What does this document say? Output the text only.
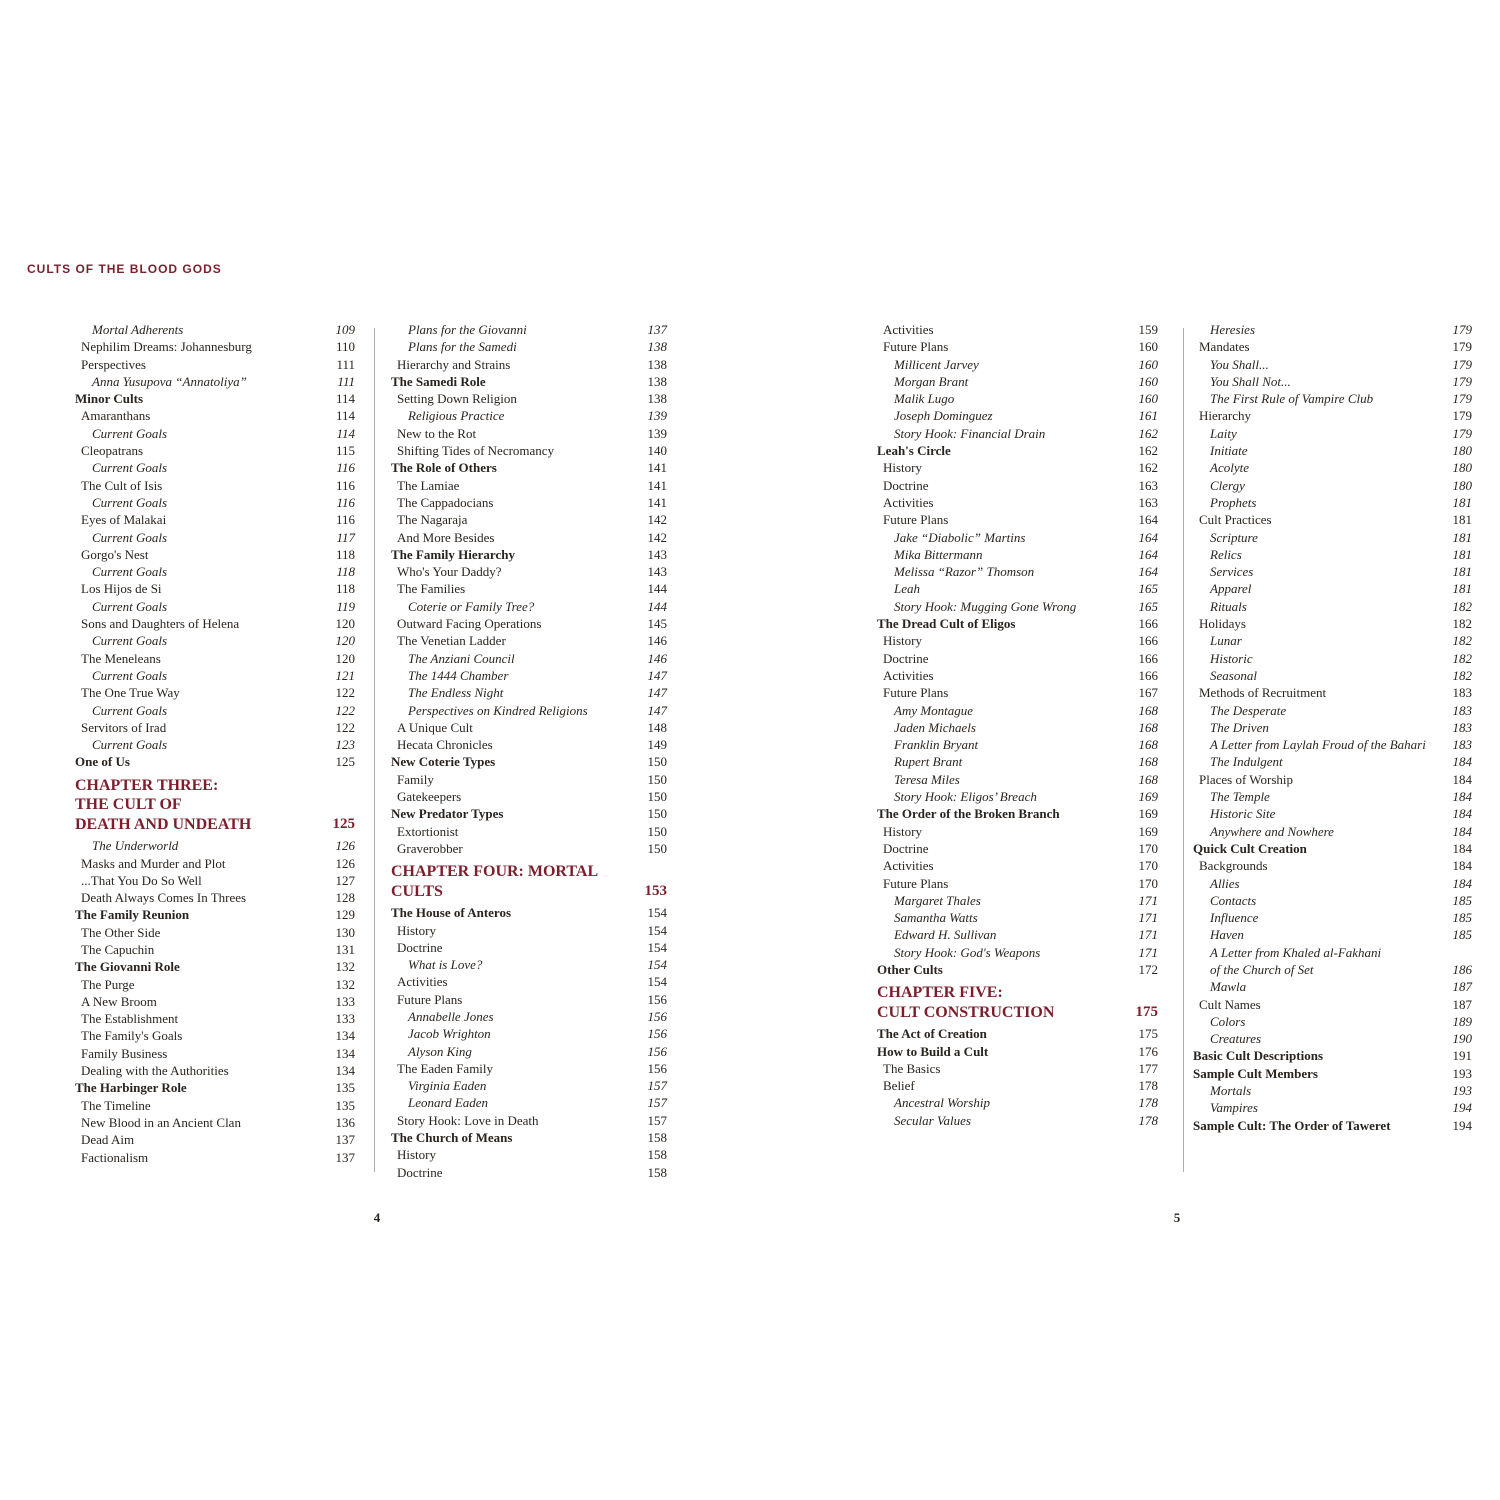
CULTS OF THE BLOOD GODS
Mortal Adherents	109
Nephilim Dreams: Johannesburg	110
Perspectives	111
Anna Yusupova “Annatoliya”	111
Minor Cults	114
Amaranthans	114
Current Goals	114
Cleopatrans	115
Current Goals	116
The Cult of Isis	116
Current Goals	116
Eyes of Malakai	116
Current Goals	117
Gorgo's Nest	118
Current Goals	118
Los Hijos de Si	118
Current Goals	119
Sons and Daughters of Helena	120
Current Goals	120
The Meneleans	120
Current Goals	121
The One True Way	122
Current Goals	122
Servitors of Irad	122
Current Goals	123
One of Us	125
CHAPTER THREE:
THE CULT OF
DEATH AND UNDEATH	125
The Underworld	126
Masks and Murder and Plot	126
...That You Do So Well	127
Death Always Comes In Threes	128
The Family Reunion	129
The Other Side	130
The Capuchin	131
The Giovanni Role	132
The Purge	132
A New Broom	133
The Establishment	133
The Family's Goals	134
Family Business	134
Dealing with the Authorities	134
The Harbinger Role	135
The Timeline	135
New Blood in an Ancient Clan	136
Dead Aim	137
Factionalism	137
Plans for the Giovanni	137
Plans for the Samedi	138
Hierarchy and Strains	138
The Samedi Role	138
Setting Down Religion	138
Religious Practice	139
New to the Rot	139
Shifting Tides of Necromancy	140
The Role of Others	141
The Lamiae	141
The Cappadocians	141
The Nagaraja	142
And More Besides	142
The Family Hierarchy	143
Who's Your Daddy?	143
The Families	144
Coterie or Family Tree?	144
Outward Facing Operations	145
The Venetian Ladder	146
The Anziani Council	146
The 1444 Chamber	147
The Endless Night	147
Perspectives on Kindred Religions	147
A Unique Cult	148
Hecata Chronicles	149
New Coterie Types	150
Family	150
Gatekeepers	150
New Predator Types	150
Extortionist	150
Graverobber	150
CHAPTER FOUR: MORTAL CULTS	153
The House of Anteros	154
History	154
Doctrine	154
What is Love?	154
Activities	154
Future Plans	156
Annabelle Jones	156
Jacob Wrighton	156
Alyson King	156
The Eaden Family	156
Virginia Eaden	157
Leonard Eaden	157
Story Hook: Love in Death	157
The Church of Means	158
History	158
Doctrine	158
Activities	159
Future Plans	160
Millicent Jarvey	160
Morgan Brant	160
Malik Lugo	160
Joseph Dominguez	161
Story Hook: Financial Drain	162
Leah's Circle	162
History	162
Doctrine	163
Activities	163
Future Plans	164
Jake “Diabolic” Martins	164
Mika Bittermann	164
Melissa “Razor” Thomson	164
Leah	165
Story Hook: Mugging Gone Wrong	165
The Dread Cult of Eligos	166
History	166
Doctrine	166
Activities	166
Future Plans	167
Amy Montague	168
Jaden Michaels	168
Franklin Bryant	168
Rupert Brant	168
Teresa Miles	168
Story Hook: Eligos’ Breach	169
The Order of the Broken Branch	169
History	169
Doctrine	170
Activities	170
Future Plans	170
Margaret Thales	171
Samantha Watts	171
Edward H. Sullivan	171
Story Hook: God's Weapons	171
Other Cults	172
CHAPTER FIVE:
CULT CONSTRUCTION	175
The Act of Creation	175
How to Build a Cult	176
The Basics	177
Belief	178
Ancestral Worship	178
Secular Values	178
Heresies	179
Mandates	179
You Shall...	179
You Shall Not...	179
The First Rule of Vampire Club	179
Hierarchy	179
Laity	179
Initiate	180
Acolyte	180
Clergy	180
Prophets	181
Cult Practices	181
Scripture	181
Relics	181
Services	181
Apparel	181
Rituals	182
Holidays	182
Lunar	182
Historic	182
Seasonal	182
Methods of Recruitment	183
The Desperate	183
The Driven	183
A Letter from Laylah Froud of the Bahari	183
The Indulgent	184
Places of Worship	184
The Temple	184
Historic Site	184
Anywhere and Nowhere	184
Quick Cult Creation	184
Backgrounds	184
Allies	184
Contacts	185
Influence	185
Haven	185
A Letter from Khaled al-Fakhani
of the Church of Set	186
Mawla	187
Cult Names	187
Colors	189
Creatures	190
Basic Cult Descriptions	191
Sample Cult Members	193
Mortals	193
Vampires	194
Sample Cult: The Order of Taweret	194
4	5
